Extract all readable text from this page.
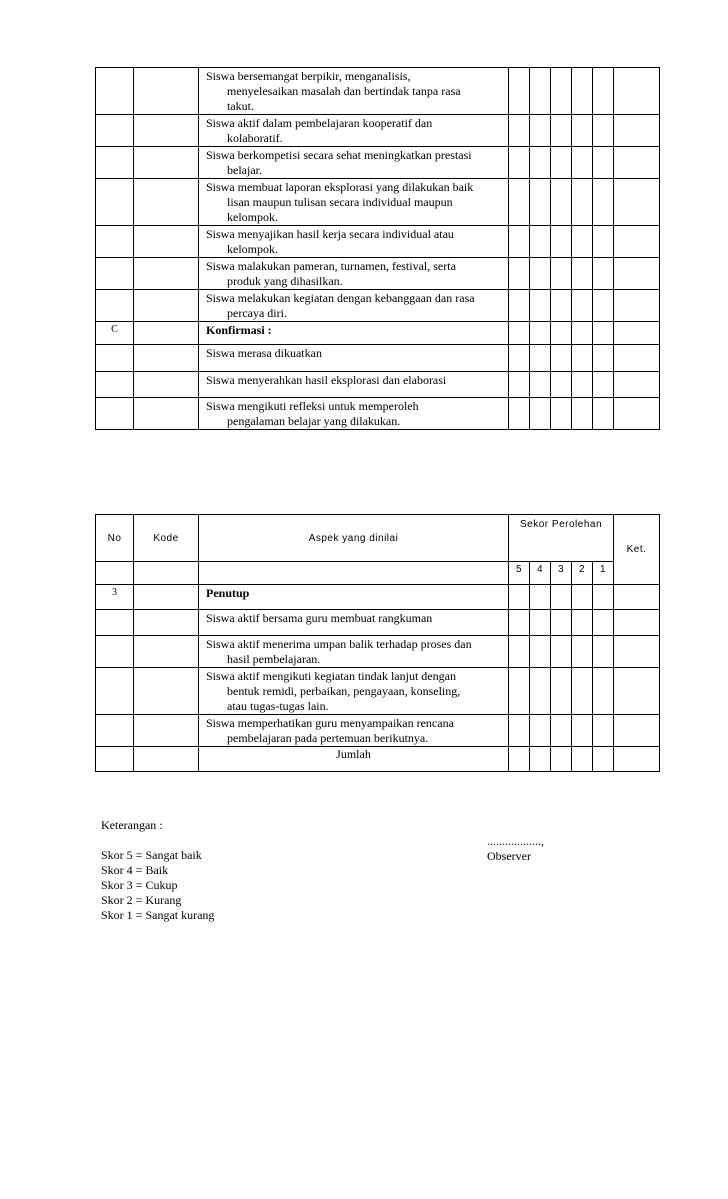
		Siswa bersemangat berpikir, menganalisis,
menyelesaikan masalah dan bertindak tanpa rasa
takut.						

		Siswa aktif dalam pembelajaran kooperatif dan
kolaboratif.						

		Siswa berkompetisi secara sehat meningkatkan prestasi
belajar.						

		Siswa membuat laporan eksplorasi yang dilakukan baik
lisan maupun tulisan secara individual maupun
kelompok.						

		Siswa menyajikan hasil kerja secara individual atau
kelompok.						

		Siswa malakukan pameran, turnamen, festival, serta
produk yang dihasilkan.						

		Siswa melakukan kegiatan dengan kebanggaan dan rasa
percaya diri.						

C		Konfirmasi :						

		Siswa merasa dikuatkan						

		Siswa menyerahkan hasil eksplorasi dan elaborasi						

		Siswa mengikuti refleksi untuk memperoleh
pengalaman belajar yang dilakukan.						

No	Kode	Aspek yang dinilai	Sekor Perolehan					Ket.
			5	4	3	2	1	
3		Penutup						

		Siswa aktif bersama guru membuat rangkuman						

		Siswa aktif menerima umpan balik terhadap proses dan
hasil pembelajaran.						

		Siswa aktif mengikuti kegiatan tindak lanjut dengan
bentuk remidi, perbaikan, pengayaan, konseling,
atau tugas-tugas lain.						

		Siswa memperhatikan guru menyampaikan rencana
pembelajaran pada pertemuan berikutnya.						

		Jumlah						
Keterangan :
Skor 5 = Sangat baik
Skor 4 = Baik
Skor 3 = Cukup
Skor 2 = Kurang
Skor 1 = Sangat kurang
..................,
Observer
